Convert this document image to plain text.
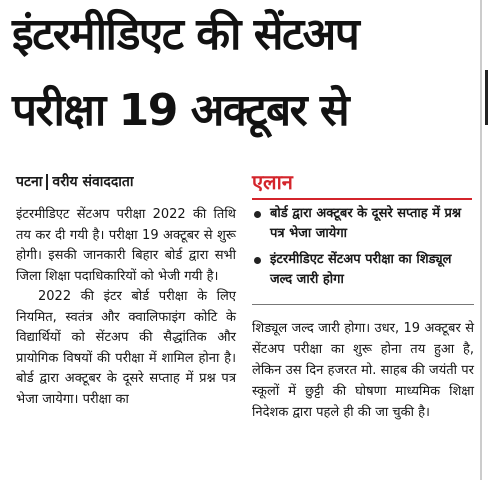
इंटरमीडिएट की सेंटअप
परीक्षा 19 अक्टूबर से
पटना वरीय संवाददाता

इंटरमीडिएट सेंटअप परीक्षा 2022 की तिथि तय कर दी गयी है। परीक्षा 19 अक्टूबर से शुरू होगी। इसकी जानकारी बिहार बोर्ड द्वारा सभी जिला शिक्षा पदाधिकारियों को भेजी गयी है।

2022 की इंटर बोर्ड परीक्षा के लिए नियमित, स्वतंत्र और क्वालिफाइंग कोटि के विद्यार्थियों को सेंटअप की सैद्धांतिक और प्रायोगिक विषयों की परीक्षा में शामिल होना है। बोर्ड द्वारा अक्टूबर के दूसरे सप्ताह में प्रश्न पत्र भेजा जायेगा। परीक्षा का

एलान
बोर्ड द्वारा अक्टूबर के दूसरे सप्ताह में प्रश्न पत्र भेजा जायेगा
इंटरमीडिएट सेंटअप परीक्षा का शिड्यूल जल्द जारी होगा

शिड्यूल जल्द जारी होगा। उधर, 19 अक्टूबर से सेंटअप परीक्षा का शुरू होना तय हुआ है, लेकिन उस दिन हजरत मो. साहब की जयंती पर स्कूलों में छुट्टी की घोषणा माध्यमिक शिक्षा निदेशक द्वारा पहले ही की जा चुकी है।
